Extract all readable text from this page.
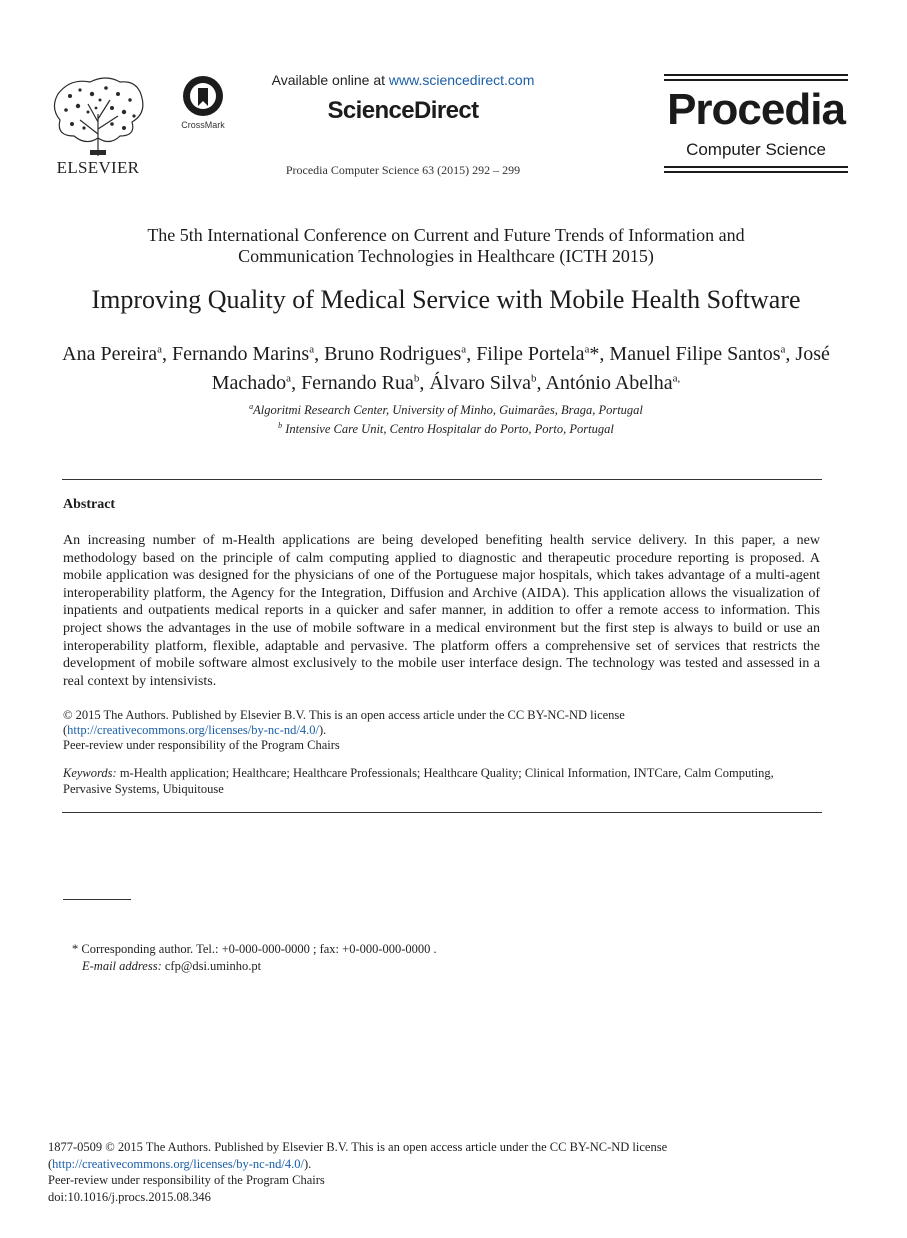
ELSEVIER
CrossMark
Available online at www.sciencedirect.com
ScienceDirect
Procedia Computer Science 63 (2015) 292 – 299
Procedia
Computer Science
The 5th International Conference on Current and Future Trends of Information and
Communication Technologies in Healthcare (ICTH 2015)
Improving Quality of Medical Service with Mobile Health Software
Ana Pereira$^a$, Fernando Marins$^a$, Bruno Rodrigues$^a$, Filipe Portela$^a$*, Manuel Filipe Santos$^a$, José Machado$^a$, Fernando Rua$^b$, Álvaro Silva$^b$, António Abelha$^{a,}$
$^a$Algoritmi Research Center, University of Minho, Guimarães, Braga, Portugal
$^b$ Intensive Care Unit, Centro Hospitalar do Porto, Porto, Portugal
Abstract
An increasing number of m-Health applications are being developed benefiting health service delivery. In this paper, a new methodology based on the principle of calm computing applied to diagnostic and therapeutic procedure reporting is proposed. A mobile application was designed for the physicians of one of the Portuguese major hospitals, which takes advantage of a multi-agent interoperability platform, the Agency for the Integration, Diffusion and Archive (AIDA). This application allows the visualization of inpatients and outpatients medical reports in a quicker and safer manner, in addition to offer a remote access to information. This project shows the advantages in the use of mobile software in a medical environment but the first step is always to build or use an interoperability platform, flexible, adaptable and pervasive. The platform offers a comprehensive set of services that restricts the development of mobile software almost exclusively to the mobile user interface design. The technology was tested and assessed in a real context by intensivists.
© 2015 The Authors. Published by Elsevier B.V. This is an open access article under the CC BY-NC-ND license
(http://creativecommons.org/licenses/by-nc-nd/4.0/).
Peer-review under responsibility of the Program Chairs
Keywords: m-Health application; Healthcare; Healthcare Professionals; Healthcare Quality; Clinical Information, INTCare, Calm Computing, Pervasive Systems, Ubiquitouse
* Corresponding author. Tel.: +0-000-000-0000 ; fax: +0-000-000-0000 .
E-mail address: cfp@dsi.uminho.pt
1877-0509 © 2015 The Authors. Published by Elsevier B.V. This is an open access article under the CC BY-NC-ND license
(http://creativecommons.org/licenses/by-nc-nd/4.0/).
Peer-review under responsibility of the Program Chairs
doi:10.1016/j.procs.2015.08.346
